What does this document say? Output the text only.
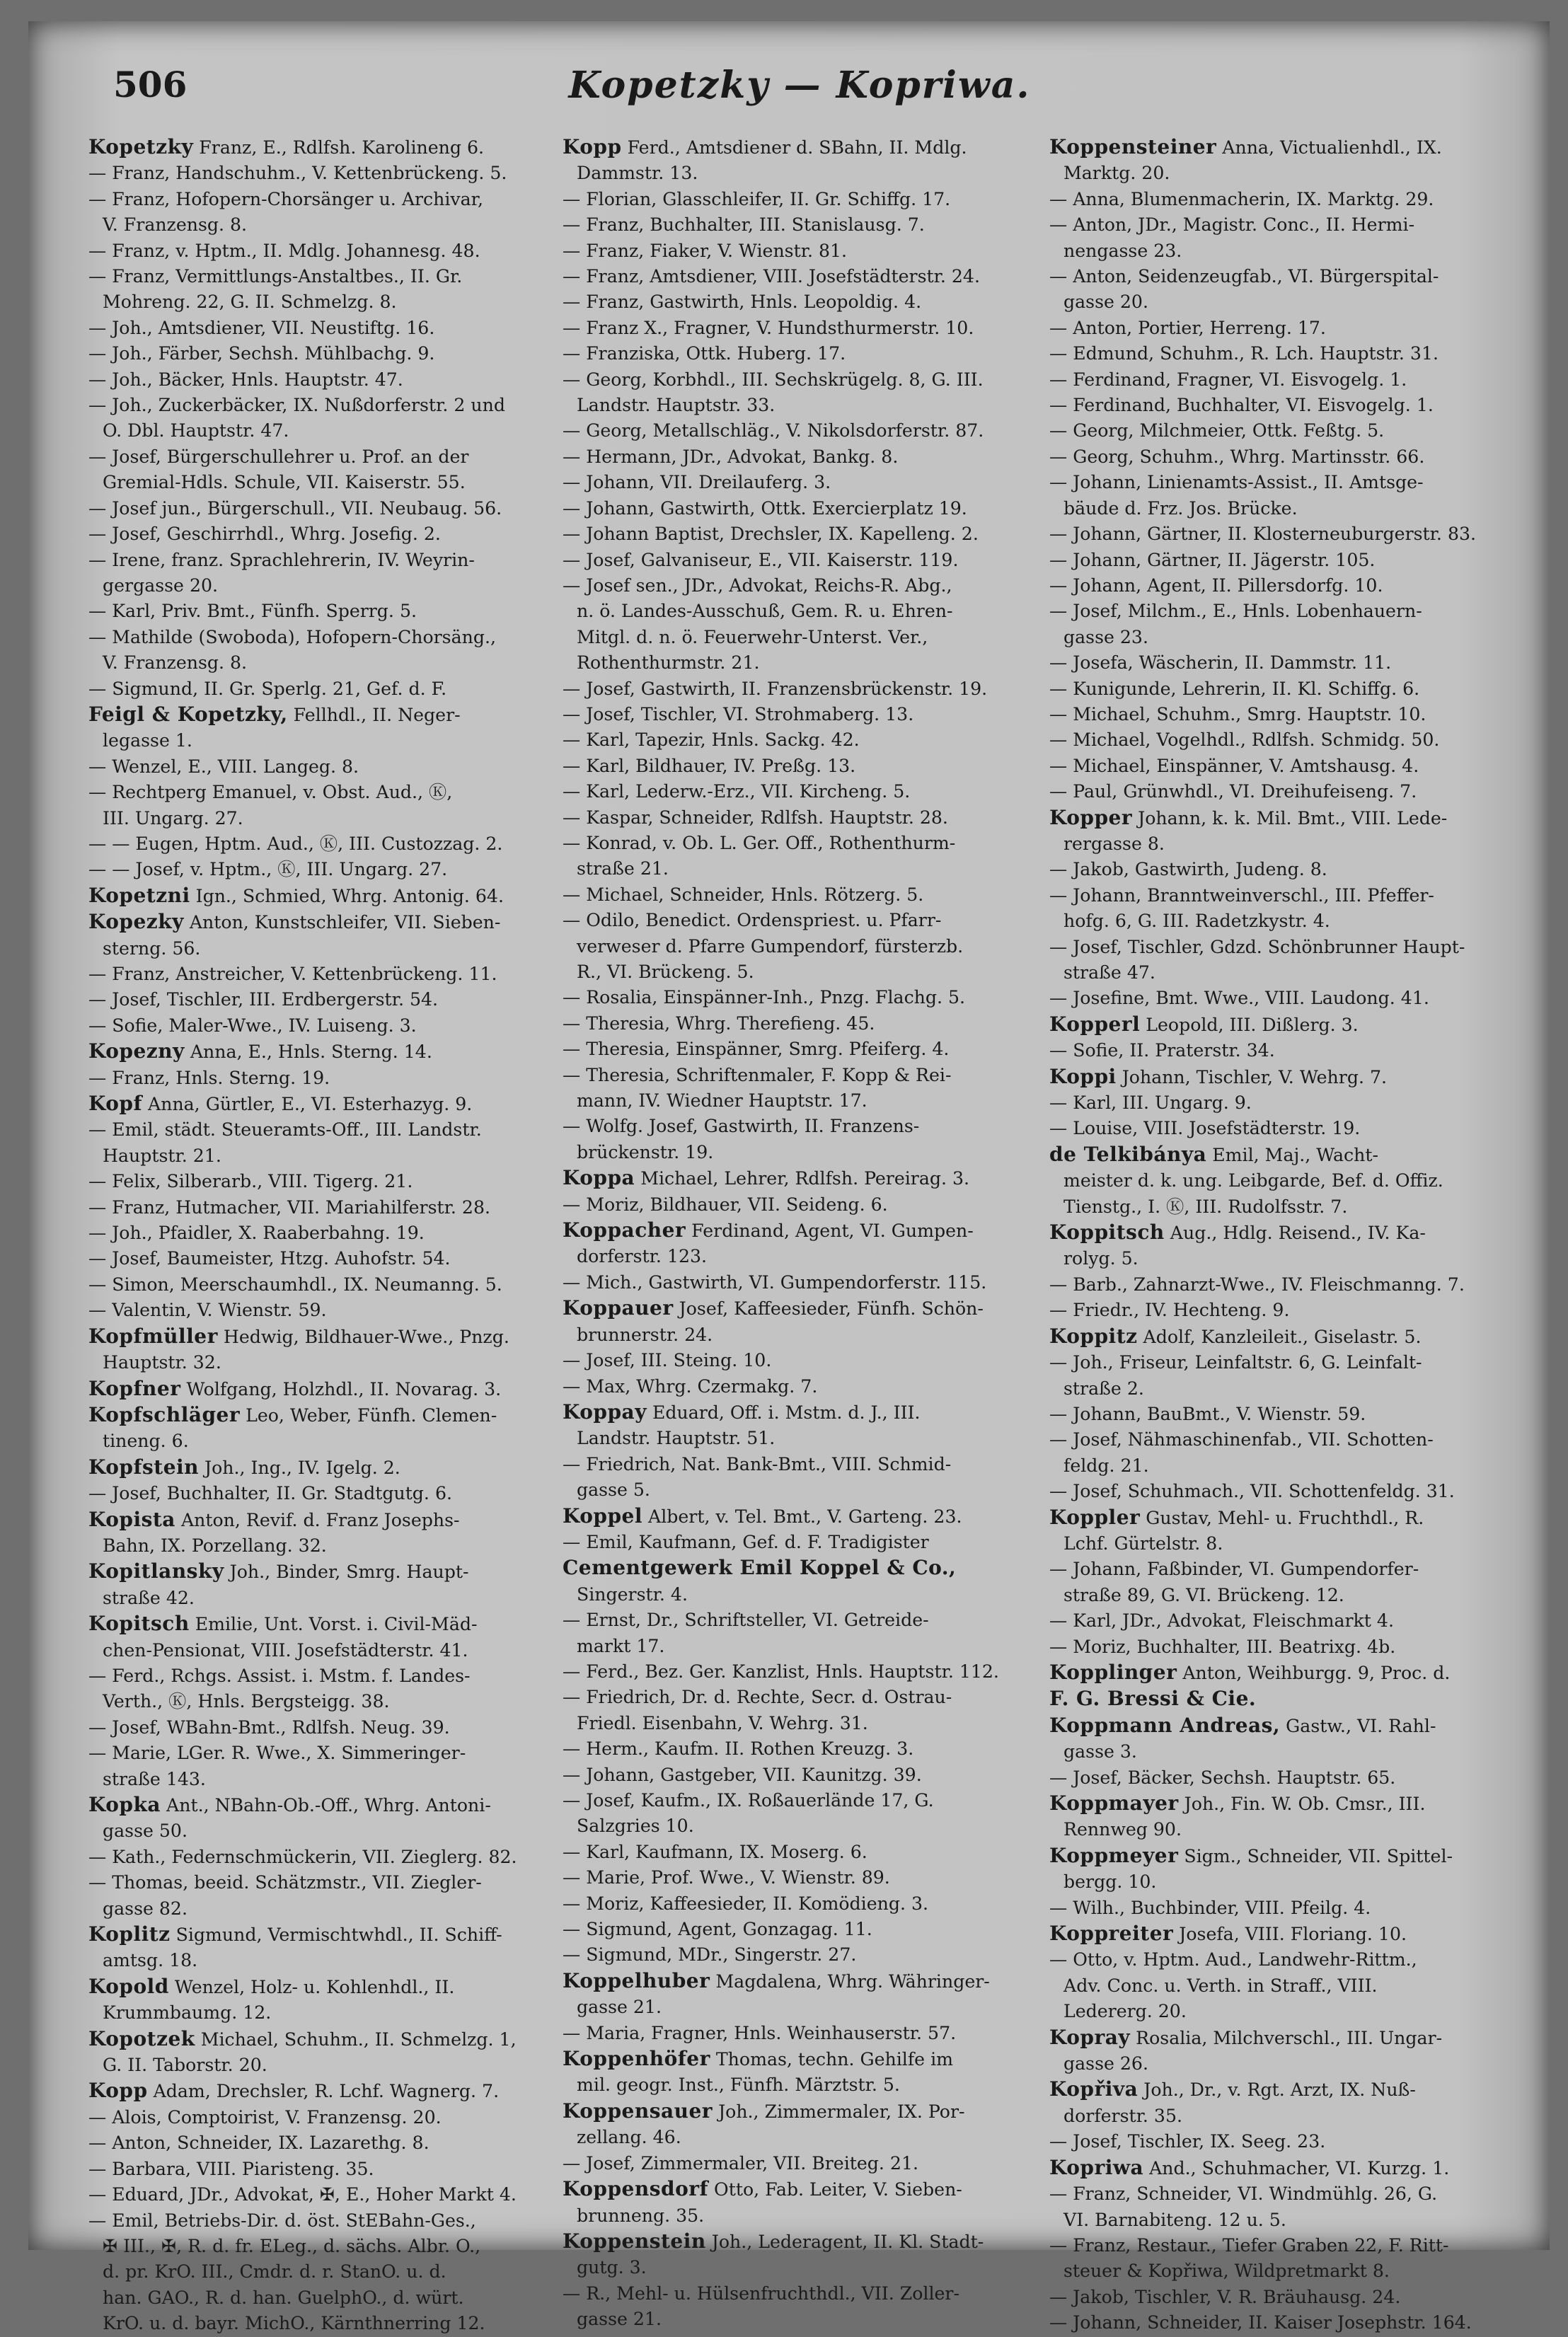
506	Kopetzky — Kopriwa.
Kopetzky Franz, E., Rdlfsh. Karolineng 6.
— Franz, Handschuhm., V. Kettenbrückeng. 5.
— Franz, Hofopern-Chorsänger u. Archivar,
V. Franzensg. 8.
— Franz, v. Hptm., II. Mdlg. Johannesg. 48.
— Franz, Vermittlungs-Anstaltbes., II. Gr.
Mohreng. 22, G. II. Schmelzg. 8.
— Joh., Amtsdiener, VII. Neustiftg. 16.
— Joh., Färber, Sechsh. Mühlbachg. 9.
— Joh., Bäcker, Hnls. Hauptstr. 47.
— Joh., Zuckerbäcker, IX. Nußdorferstr. 2 und
O. Dbl. Hauptstr. 47.
— Josef, Bürgerschullehrer u. Prof. an der
Gremial-Hdls. Schule, VII. Kaiserstr. 55.
— Josef jun., Bürgerschull., VII. Neubaug. 56.
— Josef, Geschirrhdl., Whrg. Josefig. 2.
— Irene, franz. Sprachlehrerin, IV. Weyrin-
gergasse 20.
— Karl, Priv. Bmt., Fünfh. Sperrg. 5.
— Mathilde (Swoboda), Hofopern-Chorsäng.,
V. Franzensg. 8.
— Sigmund, II. Gr. Sperlg. 21, Gef. d. F.
Feigl & Kopetzky, Fellhdl., II. Neger-
legasse 1.
— Wenzel, E., VIII. Langeg. 8.
— Rechtperg Emanuel, v. Obst. Aud., Ⓚ,
III. Ungarg. 27.
— — Eugen, Hptm. Aud., Ⓚ, III. Custozzag. 2.
— — Josef, v. Hptm., Ⓚ, III. Ungarg. 27.
Kopetzni Ign., Schmied, Whrg. Antonig. 64.
Kopezky Anton, Kunstschleifer, VII. Sieben-
sterng. 56.
— Franz, Anstreicher, V. Kettenbrückeng. 11.
— Josef, Tischler, III. Erdbergerstr. 54.
— Sofie, Maler-Wwe., IV. Luiseng. 3.
Kopezny Anna, E., Hnls. Sterng. 14.
— Franz, Hnls. Sterng. 19.
Kopf Anna, Gürtler, E., VI. Esterhazyg. 9.
— Emil, städt. Steueramts-Off., III. Landstr.
Hauptstr. 21.
— Felix, Silberarb., VIII. Tigerg. 21.
— Franz, Hutmacher, VII. Mariahilferstr. 28.
— Joh., Pfaidler, X. Raaberbahng. 19.
— Josef, Baumeister, Htzg. Auhofstr. 54.
— Simon, Meerschaumhdl., IX. Neumanng. 5.
— Valentin, V. Wienstr. 59.
Kopfmüller Hedwig, Bildhauer-Wwe., Pnzg.
Hauptstr. 32.
Kopfner Wolfgang, Holzhdl., II. Novarag. 3.
Kopfschläger Leo, Weber, Fünfh. Clemen-
tineng. 6.
Kopfstein Joh., Ing., IV. Igelg. 2.
— Josef, Buchhalter, II. Gr. Stadtgutg. 6.
Kopista Anton, Revif. d. Franz Josephs-
Bahn, IX. Porzellang. 32.
Kopitlansky Joh., Binder, Smrg. Haupt-
straße 42.
Kopitsch Emilie, Unt. Vorst. i. Civil-Mäd-
chen-Pensionat, VIII. Josefstädterstr. 41.
— Ferd., Rchgs. Assist. i. Mstm. f. Landes-
Verth., Ⓚ, Hnls. Bergsteigg. 38.
— Josef, WBahn-Bmt., Rdlfsh. Neug. 39.
— Marie, LGer. R. Wwe., X. Simmeringer-
straße 143.
Kopka Ant., NBahn-Ob.-Off., Whrg. Antoni-
gasse 50.
— Kath., Federnschmückerin, VII. Zieglerg. 82.
— Thomas, beeid. Schätzmstr., VII. Ziegler-
gasse 82.
Koplitz Sigmund, Vermischtwhdl., II. Schiff-
amtsg. 18.
Kopold Wenzel, Holz- u. Kohlenhdl., II.
Krummbaumg. 12.
Kopotzek Michael, Schuhm., II. Schmelzg. 1,
G. II. Taborstr. 20.
Kopp Adam, Drechsler, R. Lchf. Wagnerg. 7.
— Alois, Comptoirist, V. Franzensg. 20.
— Anton, Schneider, IX. Lazarethg. 8.
— Barbara, VIII. Piaristeng. 35.
— Eduard, JDr., Advokat, ✠, E., Hoher Markt 4.
— Emil, Betriebs-Dir. d. öst. StEBahn-Ges.,
✠ III., ✠, R. d. fr. ELeg., d. sächs. Albr. O.,
d. pr. KrO. III., Cmdr. d. r. StanO. u. d.
han. GAO., R. d. han. GuelphO., d. würt.
KrO. u. d. bayr. MichO., Kärnthnerring 12.
Kopp Ferd., Amtsdiener d. SBahn, II. Mdlg.
Dammstr. 13.
— Florian, Glasschleifer, II. Gr. Schiffg. 17.
— Franz, Buchhalter, III. Stanislausg. 7.
— Franz, Fiaker, V. Wienstr. 81.
— Franz, Amtsdiener, VIII. Josefstädterstr. 24.
— Franz, Gastwirth, Hnls. Leopoldig. 4.
— Franz X., Fragner, V. Hundsthurmerstr. 10.
— Franziska, Ottk. Huberg. 17.
— Georg, Korbhdl., III. Sechskrügelg. 8, G. III.
Landstr. Hauptstr. 33.
— Georg, Metallschläg., V. Nikolsdorferstr. 87.
— Hermann, JDr., Advokat, Bankg. 8.
— Johann, VII. Dreilauferg. 3.
— Johann, Gastwirth, Ottk. Exercierplatz 19.
— Johann Baptist, Drechsler, IX. Kapelleng. 2.
— Josef, Galvaniseur, E., VII. Kaiserstr. 119.
— Josef sen., JDr., Advokat, Reichs-R. Abg.,
n. ö. Landes-Ausschuß, Gem. R. u. Ehren-
Mitgl. d. n. ö. Feuerwehr-Unterst. Ver.,
Rothenthurmstr. 21.
— Josef, Gastwirth, II. Franzensbrückenstr. 19.
— Josef, Tischler, VI. Strohmaberg. 13.
— Karl, Tapezir, Hnls. Sackg. 42.
— Karl, Bildhauer, IV. Preßg. 13.
— Karl, Lederw.-Erz., VII. Kircheng. 5.
— Kaspar, Schneider, Rdlfsh. Hauptstr. 28.
— Konrad, v. Ob. L. Ger. Off., Rothenthurm-
straße 21.
— Michael, Schneider, Hnls. Rötzerg. 5.
— Odilo, Benedict. Ordenspriest. u. Pfarr-
verweser d. Pfarre Gumpendorf, fürsterzb.
R., VI. Brückeng. 5.
— Rosalia, Einspänner-Inh., Pnzg. Flachg. 5.
— Theresia, Whrg. Therefieng. 45.
— Theresia, Einspänner, Smrg. Pfeiferg. 4.
— Theresia, Schriftenmaler, F. Kopp & Rei-
mann, IV. Wiedner Hauptstr. 17.
— Wolfg. Josef, Gastwirth, II. Franzens-
brückenstr. 19.
Koppa Michael, Lehrer, Rdlfsh. Pereirag. 3.
— Moriz, Bildhauer, VII. Seideng. 6.
Koppacher Ferdinand, Agent, VI. Gumpen-
dorferstr. 123.
— Mich., Gastwirth, VI. Gumpendorferstr. 115.
Koppauer Josef, Kaffeesieder, Fünfh. Schön-
brunnerstr. 24.
— Josef, III. Steing. 10.
— Max, Whrg. Czermakg. 7.
Koppay Eduard, Off. i. Mstm. d. J., III.
Landstr. Hauptstr. 51.
— Friedrich, Nat. Bank-Bmt., VIII. Schmid-
gasse 5.
Koppel Albert, v. Tel. Bmt., V. Garteng. 23.
— Emil, Kaufmann, Gef. d. F. Tradigister
Cementgewerk Emil Koppel & Co.,
Singerstr. 4.
— Ernst, Dr., Schriftsteller, VI. Getreide-
markt 17.
— Ferd., Bez. Ger. Kanzlist, Hnls. Hauptstr. 112.
— Friedrich, Dr. d. Rechte, Secr. d. Ostrau-
Friedl. Eisenbahn, V. Wehrg. 31.
— Herm., Kaufm. II. Rothen Kreuzg. 3.
— Johann, Gastgeber, VII. Kaunitzg. 39.
— Josef, Kaufm., IX. Roßauerlände 17, G.
Salzgries 10.
— Karl, Kaufmann, IX. Moserg. 6.
— Marie, Prof. Wwe., V. Wienstr. 89.
— Moriz, Kaffeesieder, II. Komödieng. 3.
— Sigmund, Agent, Gonzagag. 11.
— Sigmund, MDr., Singerstr. 27.
Koppelhuber Magdalena, Whrg. Währinger-
gasse 21.
— Maria, Fragner, Hnls. Weinhauserstr. 57.
Koppenhöfer Thomas, techn. Gehilfe im
mil. geogr. Inst., Fünfh. Märztstr. 5.
Koppensauer Joh., Zimmermaler, IX. Por-
zellang. 46.
— Josef, Zimmermaler, VII. Breiteg. 21.
Koppensdorf Otto, Fab. Leiter, V. Sieben-
brunneng. 35.
Koppenstein Joh., Lederagent, II. Kl. Stadt-
gutg. 3.
— R., Mehl- u. Hülsenfruchthdl., VII. Zoller-
gasse 21.
Koppensteiner Anna, Victualienhdl., IX.
Marktg. 20.
— Anna, Blumenmacherin, IX. Marktg. 29.
— Anton, JDr., Magistr. Conc., II. Hermi-
nengasse 23.
— Anton, Seidenzeugfab., VI. Bürgerspital-
gasse 20.
— Anton, Portier, Herreng. 17.
— Edmund, Schuhm., R. Lch. Hauptstr. 31.
— Ferdinand, Fragner, VI. Eisvogelg. 1.
— Ferdinand, Buchhalter, VI. Eisvogelg. 1.
— Georg, Milchmeier, Ottk. Feßtg. 5.
— Georg, Schuhm., Whrg. Martinsstr. 66.
— Johann, Linienamts-Assist., II. Amtsge-
bäude d. Frz. Jos. Brücke.
— Johann, Gärtner, II. Klosterneuburgerstr. 83.
— Johann, Gärtner, II. Jägerstr. 105.
— Johann, Agent, II. Pillersdorfg. 10.
— Josef, Milchm., E., Hnls. Lobenhauern-
gasse 23.
— Josefa, Wäscherin, II. Dammstr. 11.
— Kunigunde, Lehrerin, II. Kl. Schiffg. 6.
— Michael, Schuhm., Smrg. Hauptstr. 10.
— Michael, Vogelhdl., Rdlfsh. Schmidg. 50.
— Michael, Einspänner, V. Amtshausg. 4.
— Paul, Grünwhdl., VI. Dreihufeiseng. 7.
Kopper Johann, k. k. Mil. Bmt., VIII. Lede-
rergasse 8.
— Jakob, Gastwirth, Judeng. 8.
— Johann, Branntweinverschl., III. Pfeffer-
hofg. 6, G. III. Radetzkystr. 4.
— Josef, Tischler, Gdzd. Schönbrunner Haupt-
straße 47.
— Josefine, Bmt. Wwe., VIII. Laudong. 41.
Kopperl Leopold, III. Dißlerg. 3.
— Sofie, II. Praterstr. 34.
Koppi Johann, Tischler, V. Wehrg. 7.
— Karl, III. Ungarg. 9.
— Louise, VIII. Josefstädterstr. 19.
de Telkibánya Emil, Maj., Wacht-
meister d. k. ung. Leibgarde, Bef. d. Offiz.
Tienstg., I. Ⓚ, III. Rudolfsstr. 7.
Koppitsch Aug., Hdlg. Reisend., IV. Ka-
rolyg. 5.
— Barb., Zahnarzt-Wwe., IV. Fleischmanng. 7.
— Friedr., IV. Hechteng. 9.
Koppitz Adolf, Kanzleileit., Giselastr. 5.
— Joh., Friseur, Leinfaltstr. 6, G. Leinfalt-
straße 2.
— Johann, BauBmt., V. Wienstr. 59.
— Josef, Nähmaschinenfab., VII. Schotten-
feldg. 21.
— Josef, Schuhmach., VII. Schottenfeldg. 31.
Koppler Gustav, Mehl- u. Fruchthdl., R.
Lchf. Gürtelstr. 8.
— Johann, Faßbinder, VI. Gumpendorfer-
straße 89, G. VI. Brückeng. 12.
— Karl, JDr., Advokat, Fleischmarkt 4.
— Moriz, Buchhalter, III. Beatrixg. 4b.
Kopplinger Anton, Weihburgg. 9, Proc. d.
F. G. Bressi & Cie.
Koppmann Andreas, Gastw., VI. Rahl-
gasse 3.
— Josef, Bäcker, Sechsh. Hauptstr. 65.
Koppmayer Joh., Fin. W. Ob. Cmsr., III.
Rennweg 90.
Koppmeyer Sigm., Schneider, VII. Spittel-
bergg. 10.
— Wilh., Buchbinder, VIII. Pfeilg. 4.
Koppreiter Josefa, VIII. Floriang. 10.
— Otto, v. Hptm. Aud., Landwehr-Rittm.,
Adv. Conc. u. Verth. in Straff., VIII.
Ledererg. 20.
Kopray Rosalia, Milchverschl., III. Ungar-
gasse 26.
Kopřiva Joh., Dr., v. Rgt. Arzt, IX. Nuß-
dorferstr. 35.
— Josef, Tischler, IX. Seeg. 23.
Kopriwa And., Schuhmacher, VI. Kurzg. 1.
— Franz, Schneider, VI. Windmühlg. 26, G.
VI. Barnabiteng. 12 u. 5.
— Franz, Restaur., Tiefer Graben 22, F. Ritt-
steuer & Kopřiwa, Wildpretmarkt 8.
— Jakob, Tischler, V. R. Bräuhausg. 24.
— Johann, Schneider, II. Kaiser Josephstr. 164.
